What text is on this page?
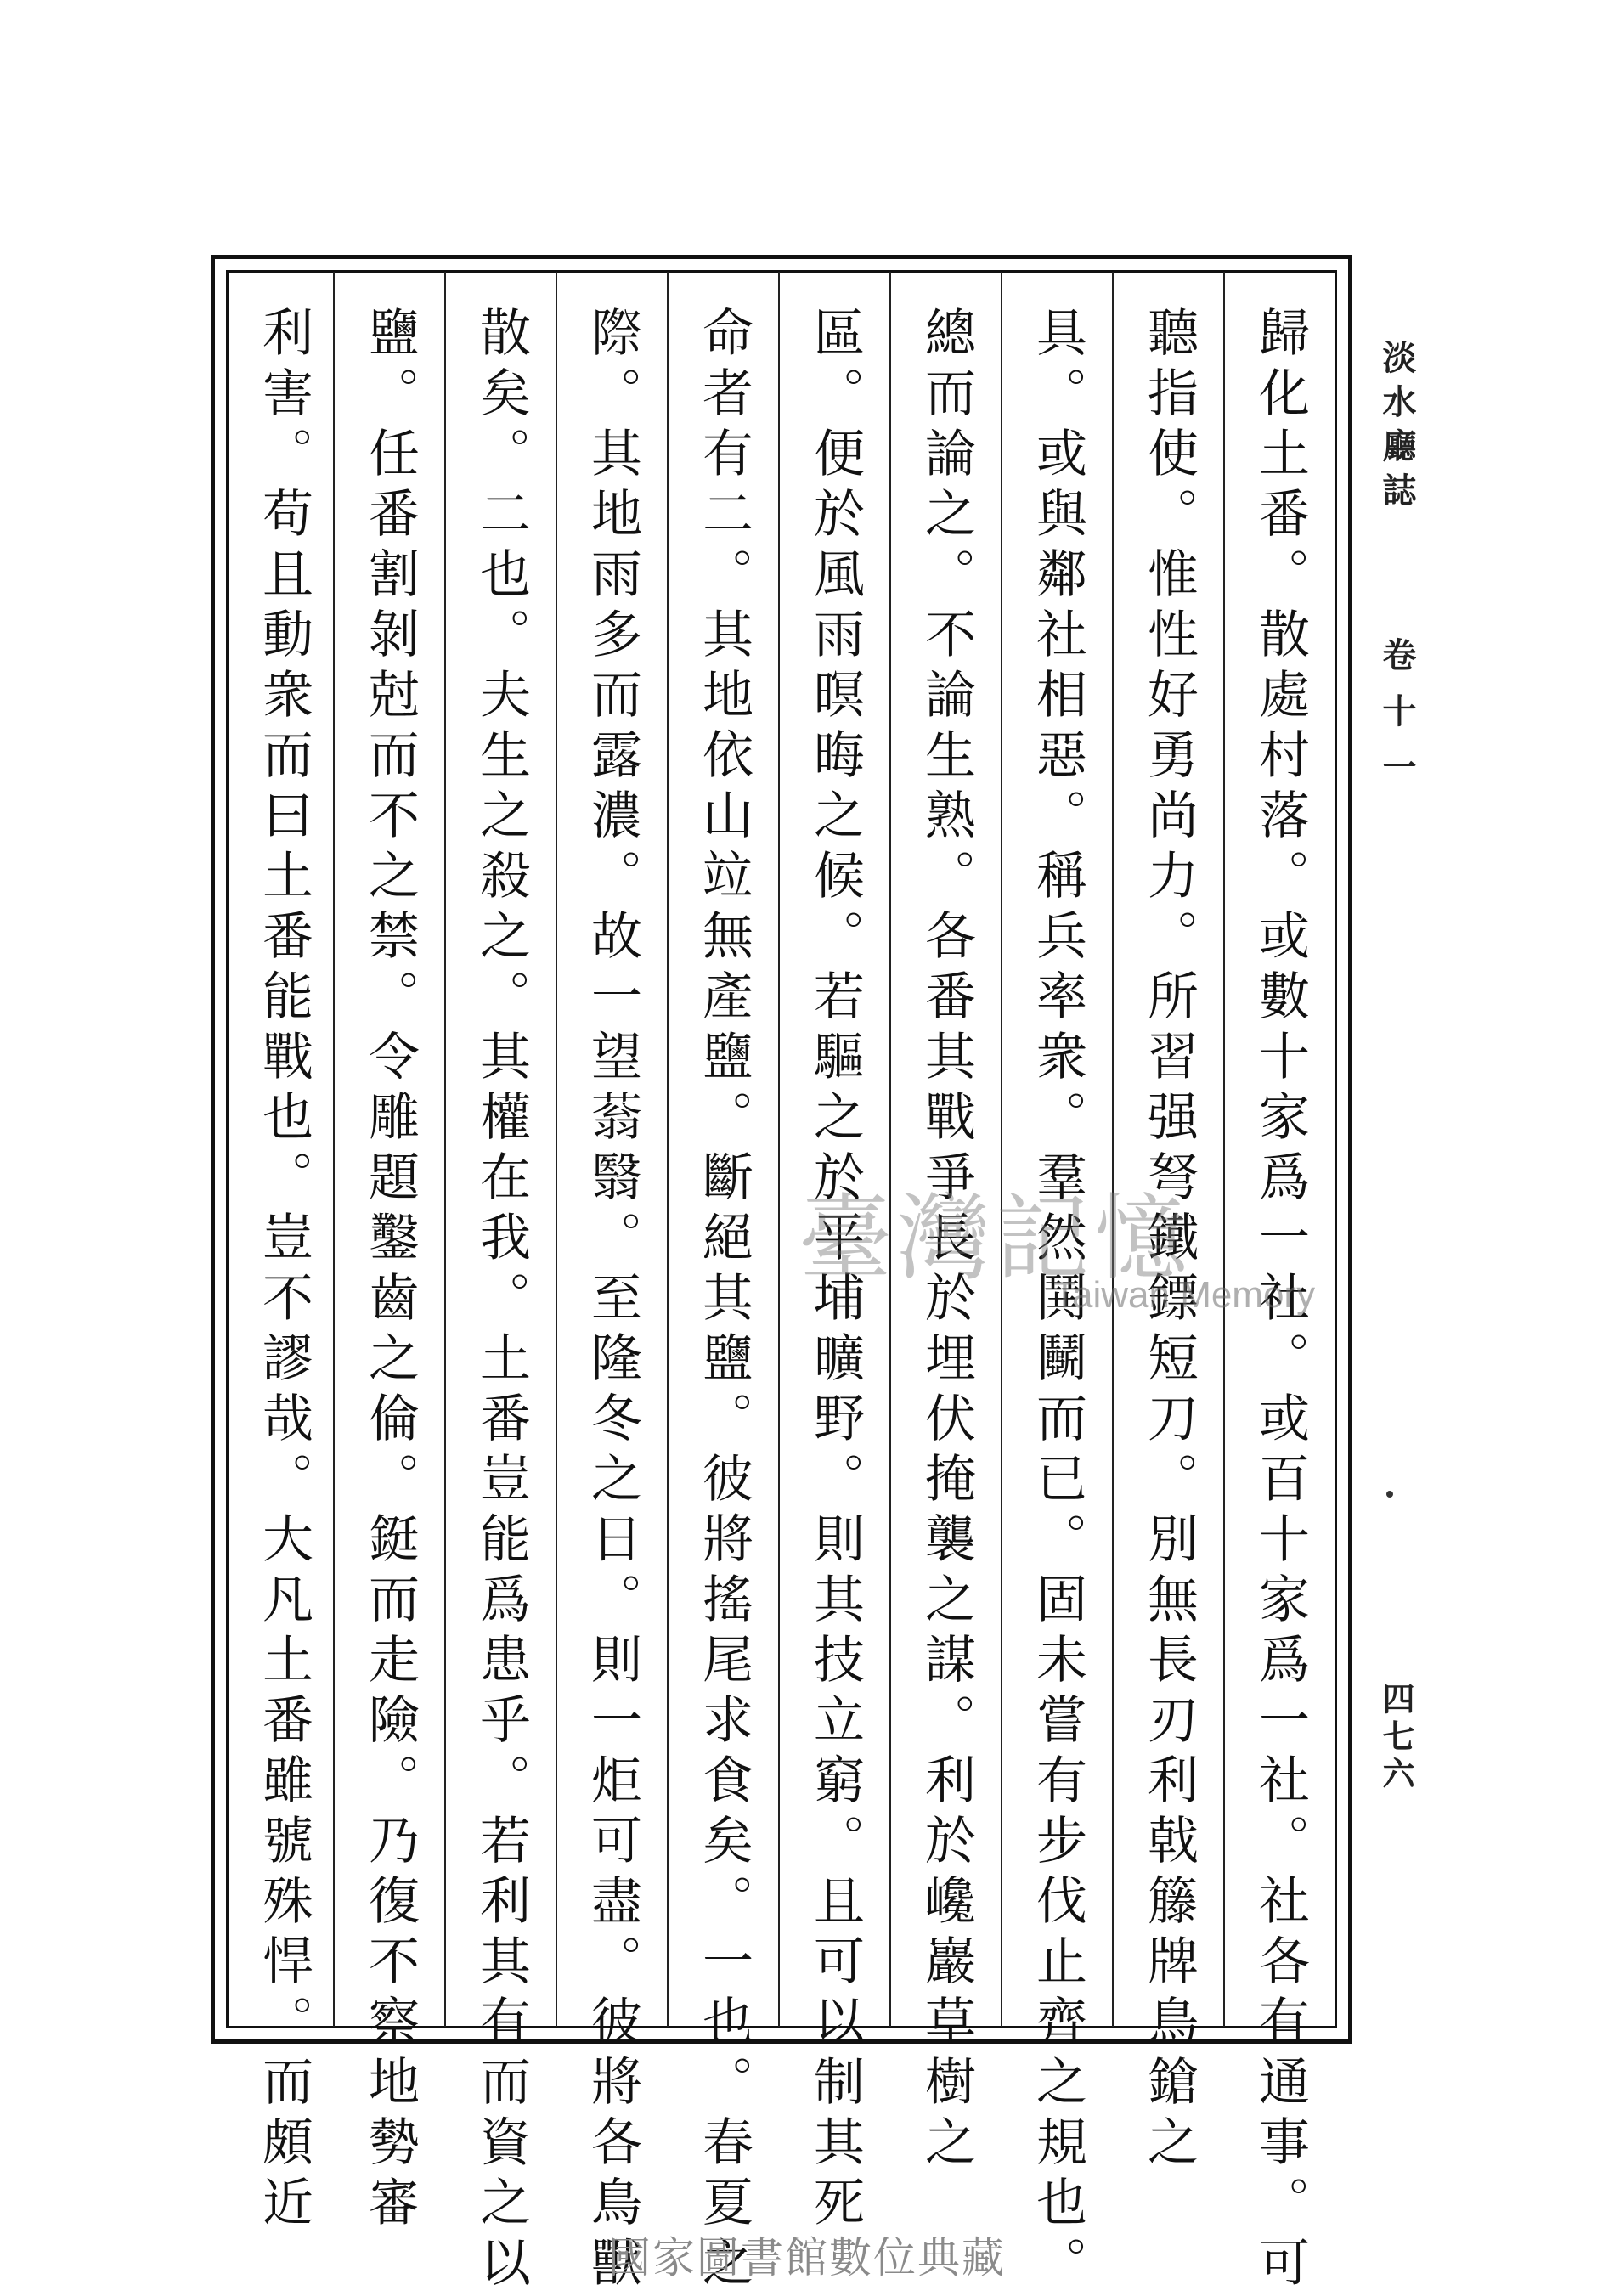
歸化土番。散處村落。或數十家爲一社。或百十家爲一社。社各有通事。可
聽指使。惟性好勇尚力。所習强弩鐵鏢短刀。別無長刃利戟籐牌鳥鎗之
具。或與鄰社相惡。稱兵率衆。羣然鬨鬭而已。固未嘗有步伐止齊之規也。
總而論之。不論生熟。各番其戰爭長於埋伏掩襲之謀。利於巉巖草樹之
區。便於風雨暝晦之候。若驅之於平埔曠野。則其技立窮。且可以制其死
命者有二。其地依山竝無產鹽。斷絕其鹽。彼將搖尾求食矣。一也。春夏之
際。其地雨多而露濃。故一望蓊翳。至隆冬之日。則一炬可盡。彼將各鳥獸
散矣。二也。夫生之殺之。其權在我。土番豈能爲患乎。若利其有而資之以
鹽。任番割剝尅而不之禁。令雕題鑿齒之倫。鋌而走險。乃復不察地勢審
利害。苟且動衆而曰土番能戰也。豈不謬哉。大凡土番雖號殊悍。而頗近	淡水廳誌
卷十一
四七六
臺灣記憶
Taiwan Memory
國家圖書館數位典藏
